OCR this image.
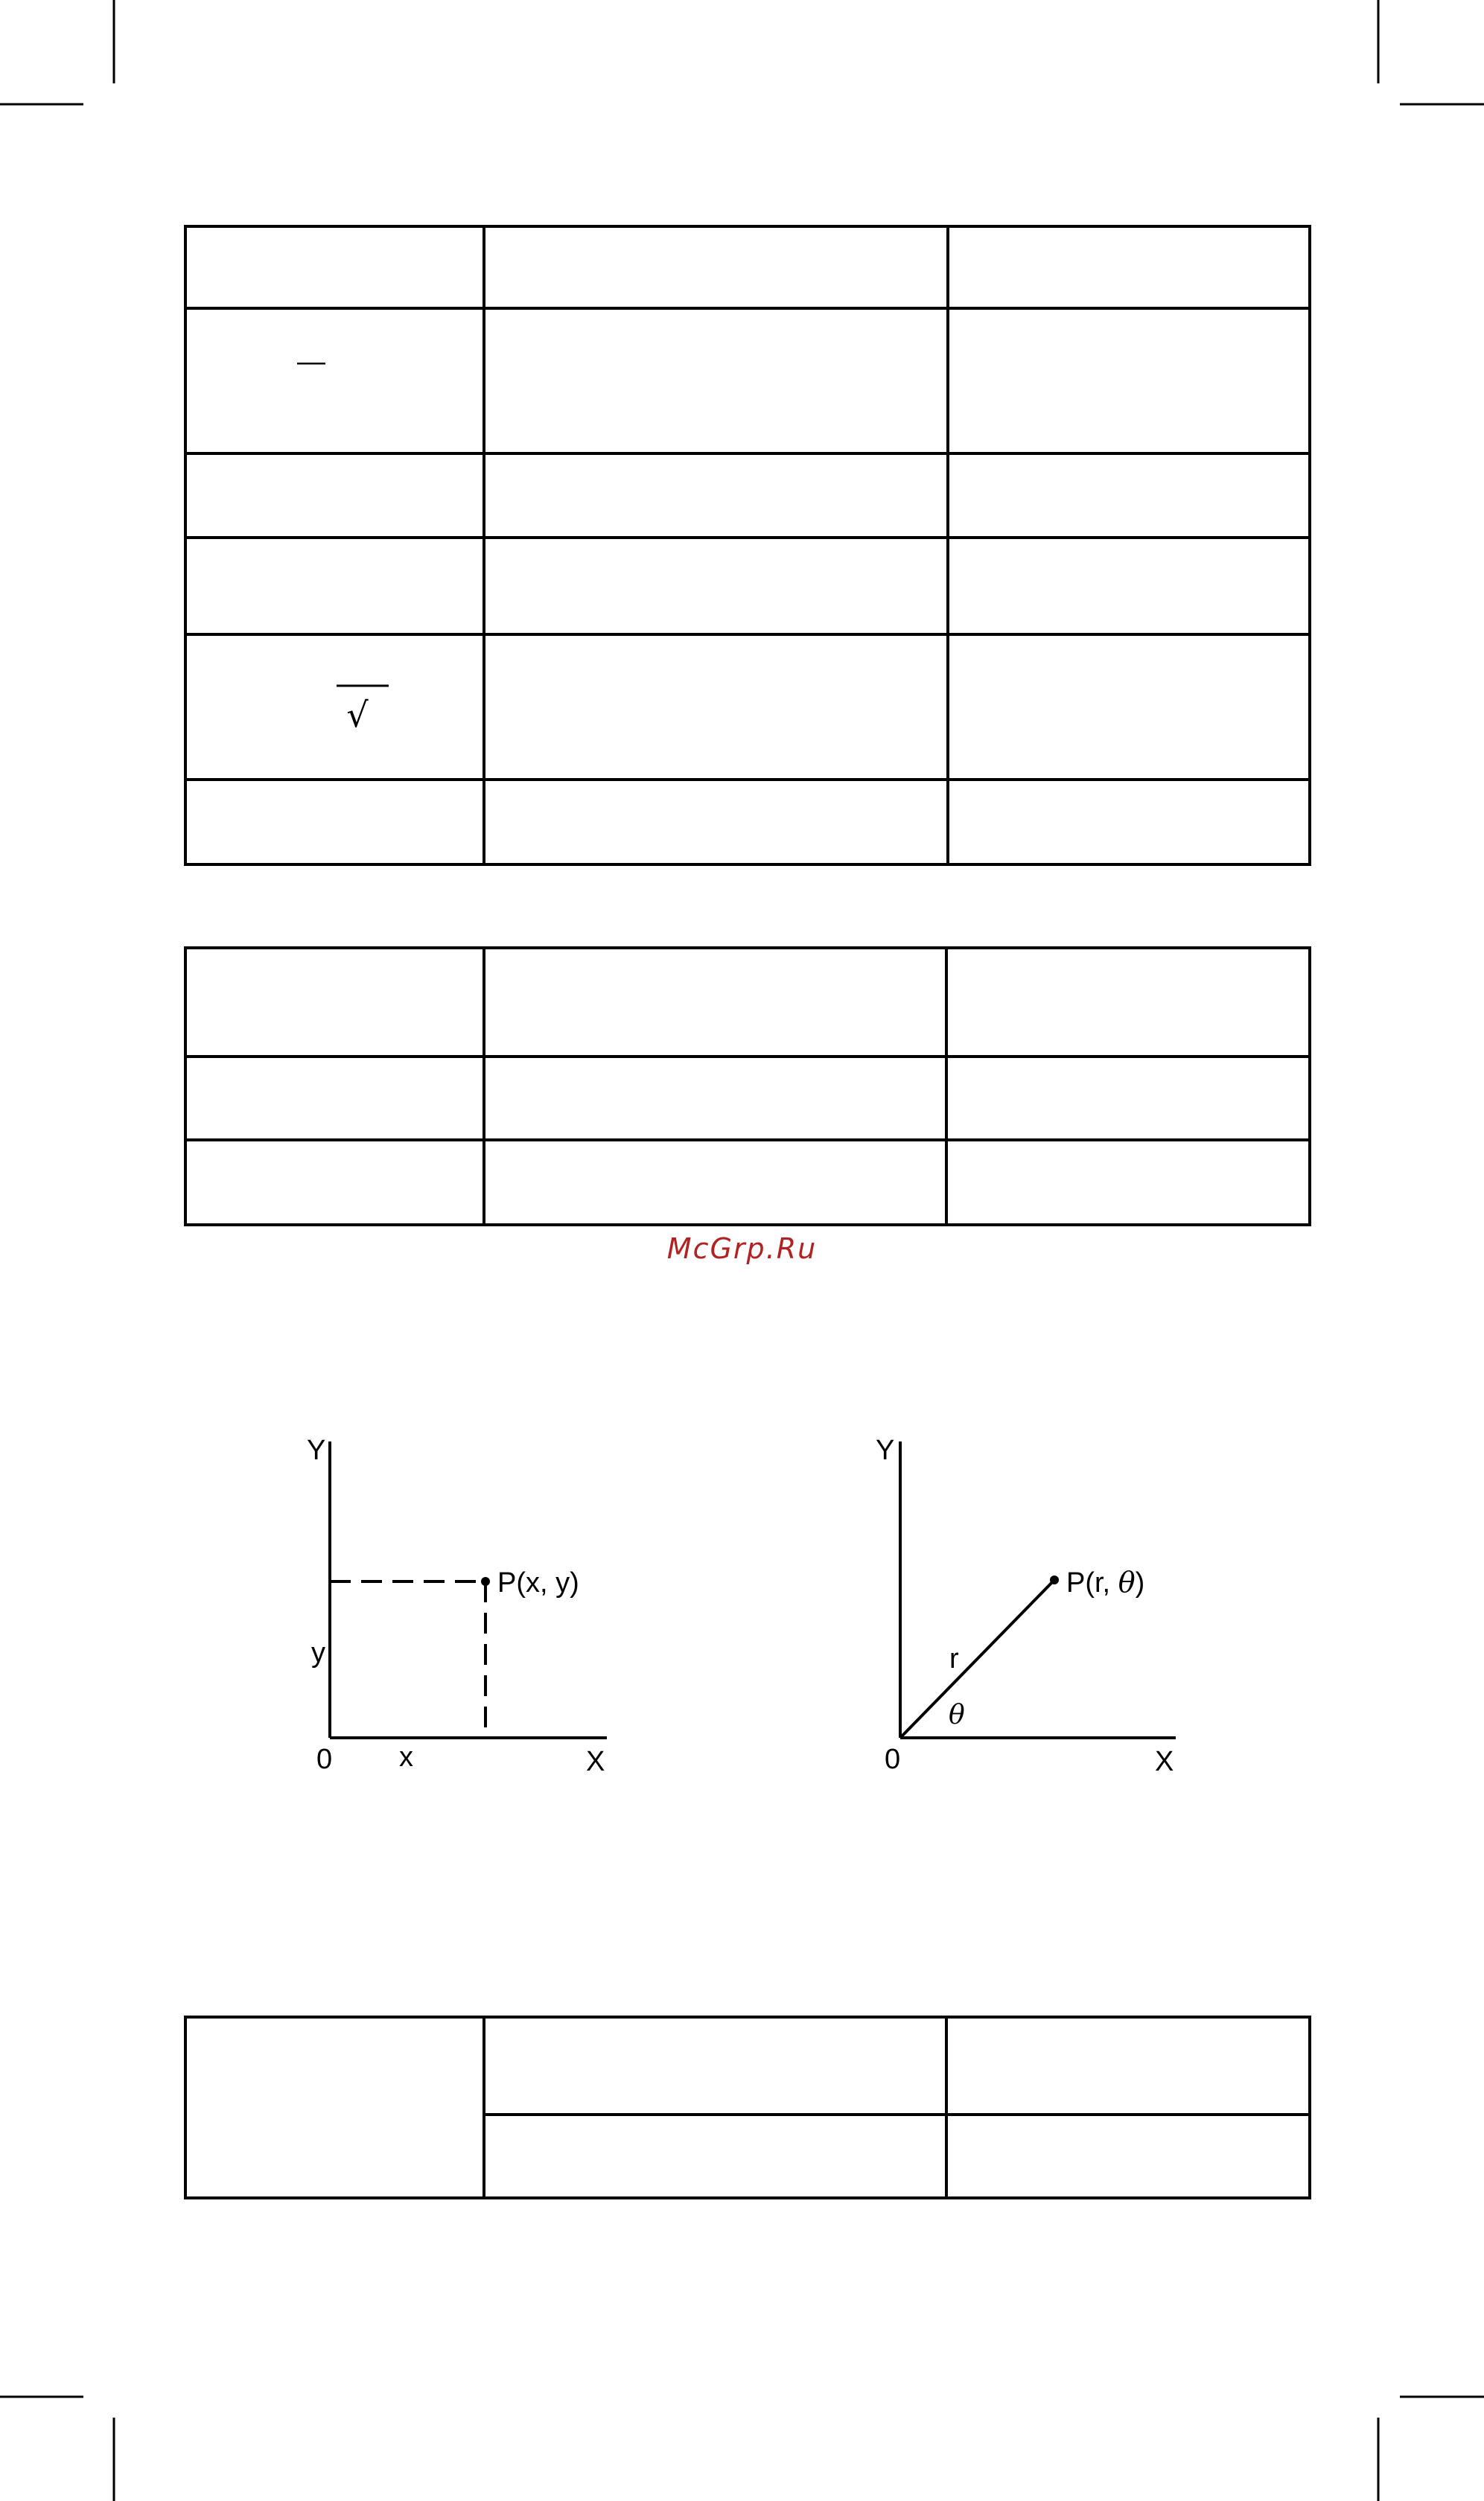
—
√
Y
X
0 x
y
P(x, y)
Y
X
0
r
θ
P(r, θ)
McGrp.Ru
